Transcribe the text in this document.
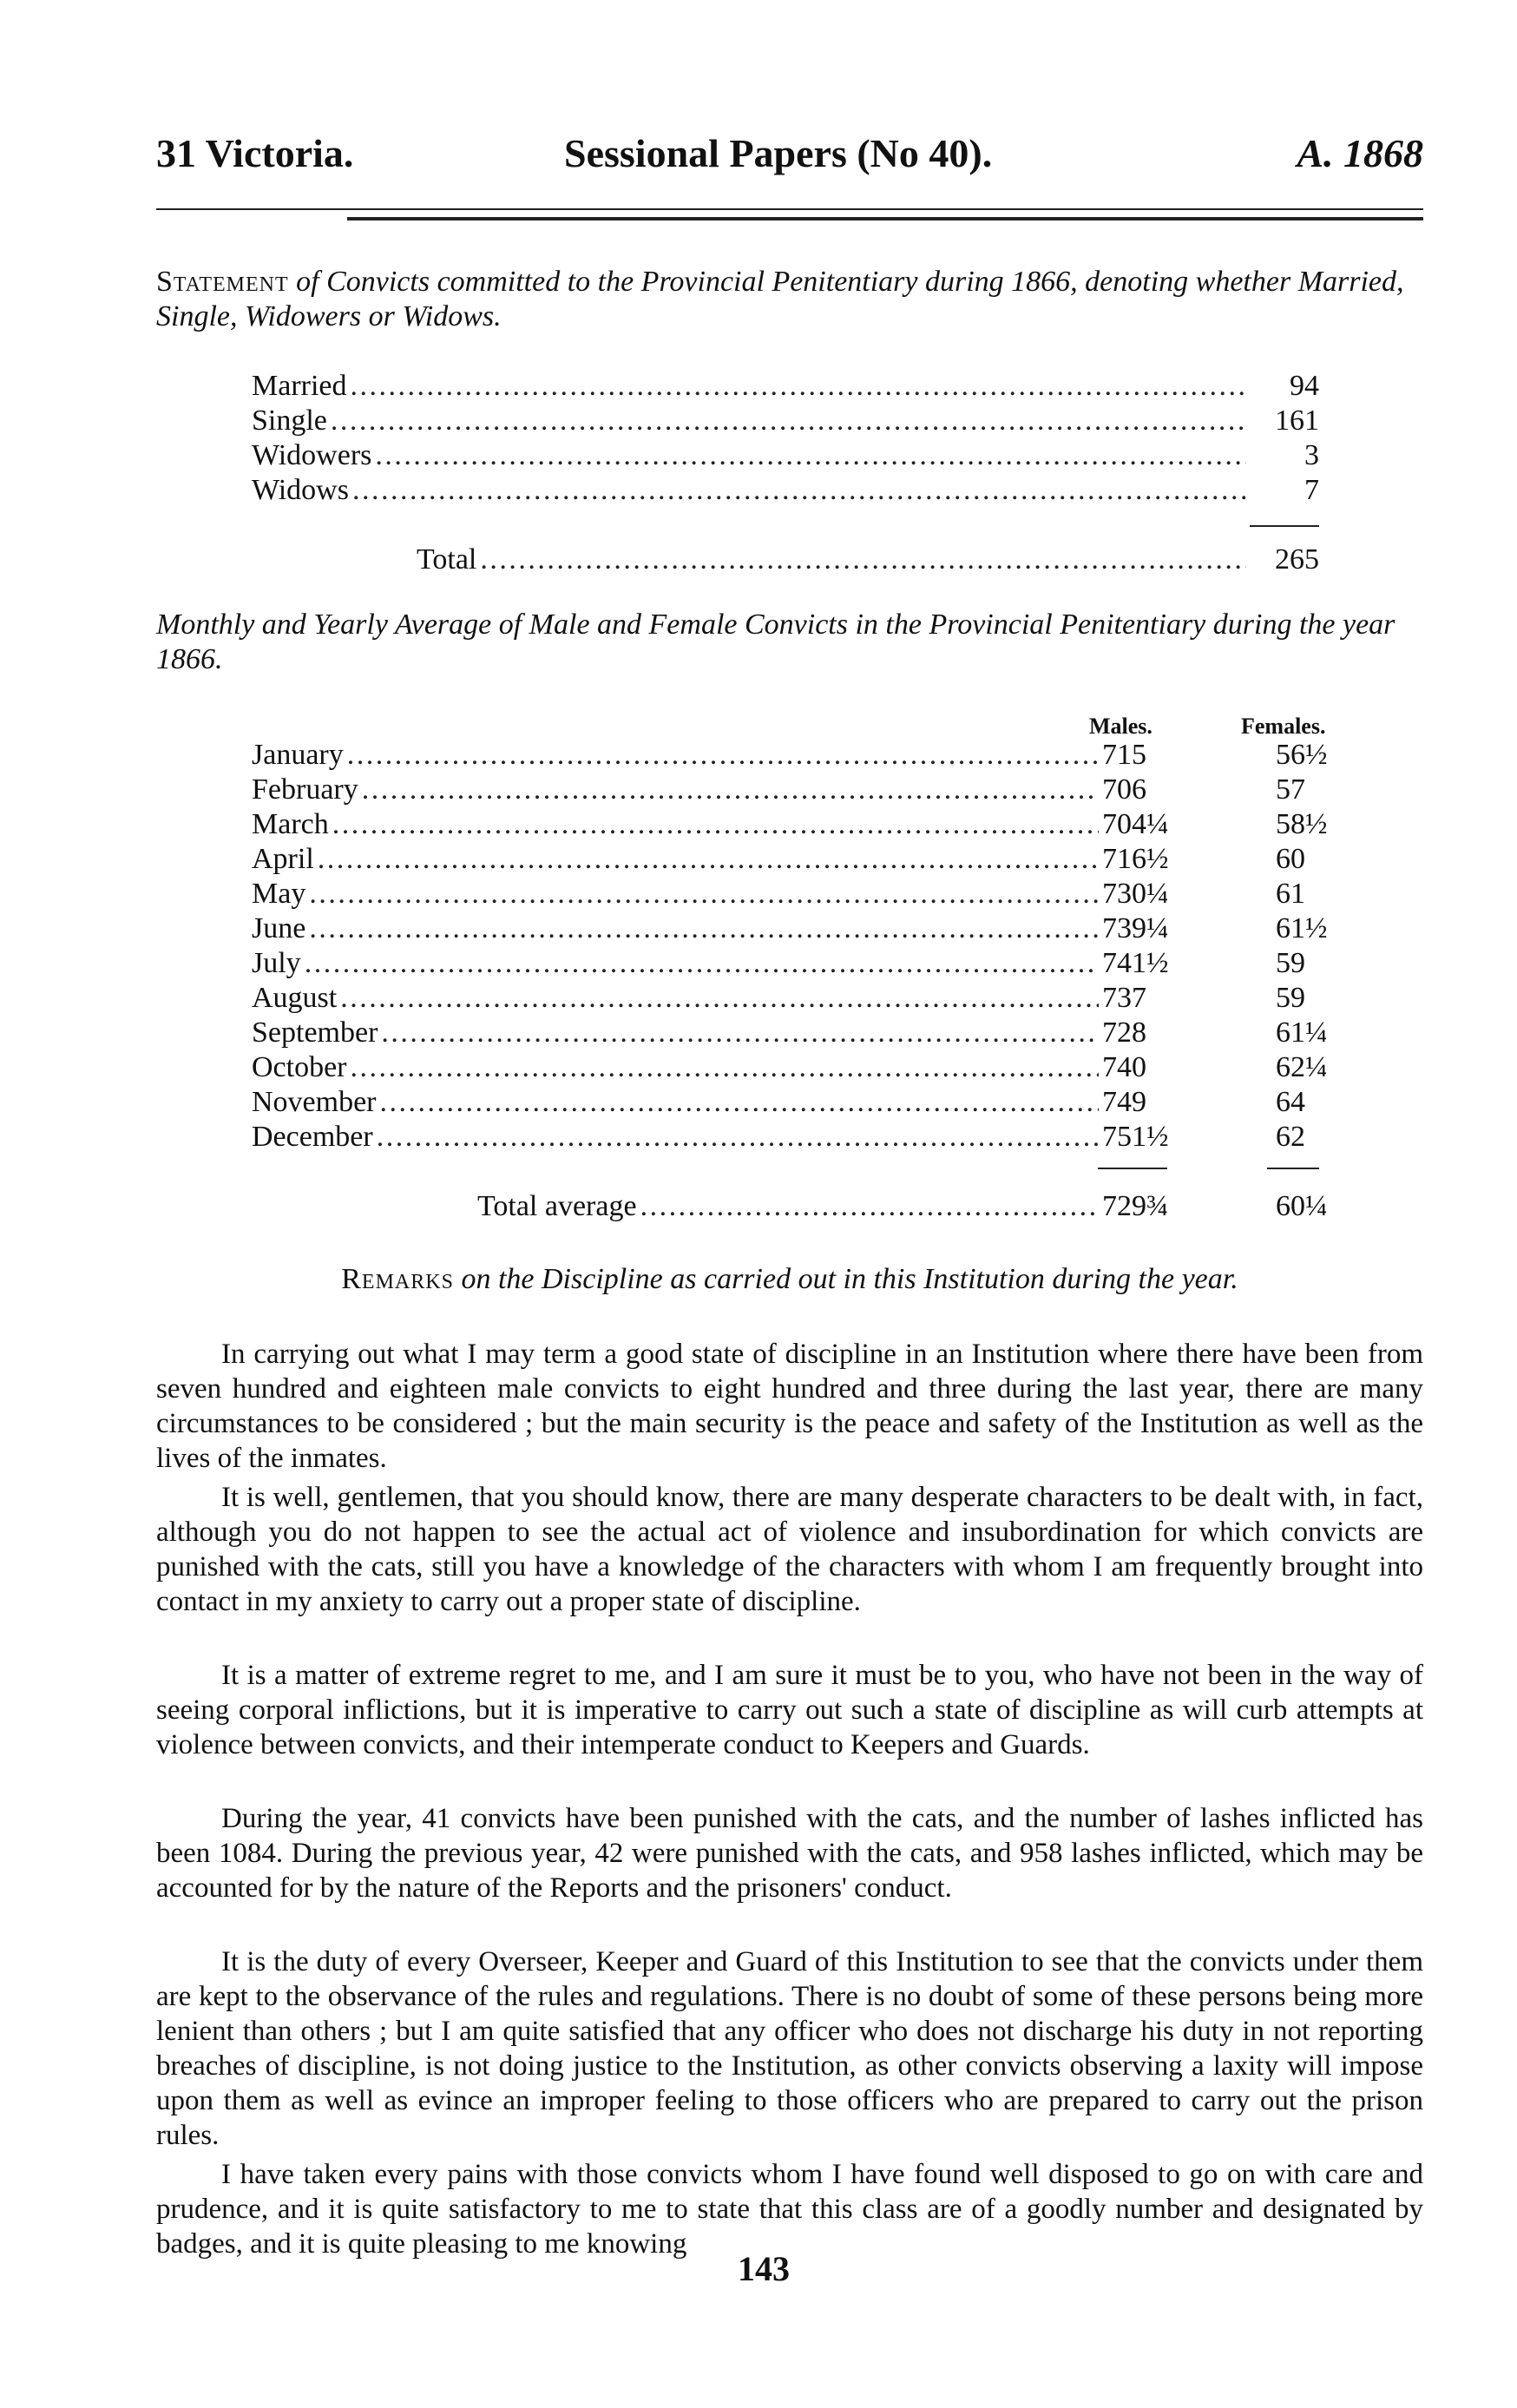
31 Victoria.	Sessional Papers (No 40).	A. 1868
Statement of Convicts committed to the Provincial Penitentiary during 1866, denoting whether Married, Single, Widowers or Widows.
Married . . .	94
Single . . .	161
Widowers . . .	3
Widows . . .	7
Total . . .	265
Monthly and Yearly Average of Male and Female Convicts in the Provincial Penitentiary during the year 1866.
Males.	Females.
January . . .	715	56½
February . . .	706	57
March . . .	704¼	58½
April . . .	716½	60
May . . .	730¼	61
June . . .	739¼	61½
July . . .	741½	59
August . . .	737	59
September . . .	728	61¼
October . . .	740	62¼
November . . .	749	64
December . . .	751½	62
Total average . . .	729¾	60¼
Remarks on the Discipline as carried out in this Institution during the year.
In carrying out what I may term a good state of discipline in an Institution where there have been from seven hundred and eighteen male convicts to eight hundred and three during the last year, there are many circumstances to be considered ; but the main security is the peace and safety of the Institution as well as the lives of the inmates.
It is well, gentlemen, that you should know, there are many desperate characters to be dealt with, in fact, although you do not happen to see the actual act of violence and insubordination for which convicts are punished with the cats, still you have a knowledge of the characters with whom I am frequently brought into contact in my anxiety to carry out a proper state of discipline.
It is a matter of extreme regret to me, and I am sure it must be to you, who have not been in the way of seeing corporal inflictions, but it is imperative to carry out such a state of discipline as will curb attempts at violence between convicts, and their intemperate conduct to Keepers and Guards.
During the year, 41 convicts have been punished with the cats, and the number of lashes inflicted has been 1084. During the previous year, 42 were punished with the cats, and 958 lashes inflicted, which may be accounted for by the nature of the Reports and the prisoners' conduct.
It is the duty of every Overseer, Keeper and Guard of this Institution to see that the convicts under them are kept to the observance of the rules and regulations. There is no doubt of some of these persons being more lenient than others ; but I am quite satisfied that any officer who does not discharge his duty in not reporting breaches of discipline, is not doing justice to the Institution, as other convicts observing a laxity will impose upon them as well as evince an improper feeling to those officers who are prepared to carry out the prison rules.
I have taken every pains with those convicts whom I have found well disposed to go on with care and prudence, and it is quite satisfactory to me to state that this class are of a goodly number and designated by badges, and it is quite pleasing to me knowing
143
